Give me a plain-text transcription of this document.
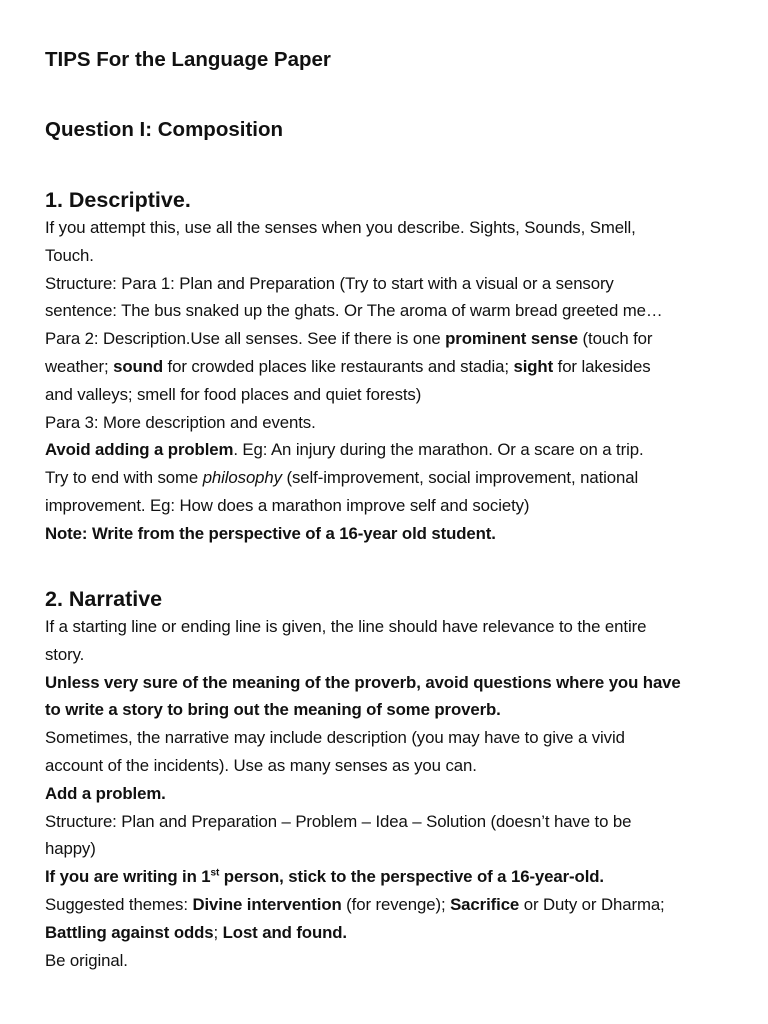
TIPS For the Language Paper
Question I: Composition
1. Descriptive.

If you attempt this, use all the senses when you describe. Sights, Sounds, Smell,
Touch.
Structure: Para 1: Plan and Preparation (Try to start with a visual or a sensory
sentence: The bus snaked up the ghats. Or The aroma of warm bread greeted me…
Para 2: Description.Use all senses. See if there is one prominent sense (touch for
weather; sound for crowded places like restaurants and stadia; sight for lakesides
and valleys; smell for food places and quiet forests)
Para 3: More description and events.
Avoid adding a problem. Eg: An injury during the marathon. Or a scare on a trip.
Try to end with some philosophy (self-improvement, social improvement, national
improvement. Eg: How does a marathon improve self and society)
Note: Write from the perspective of a 16-year old student.

2. Narrative

If a starting line or ending line is given, the line should have relevance to the entire
story.
Unless very sure of the meaning of the proverb, avoid questions where you have
to write a story to bring out the meaning of some proverb.
Sometimes, the narrative may include description (you may have to give a vivid
account of the incidents). Use as many senses as you can.
Add a problem.
Structure: Plan and Preparation – Problem – Idea – Solution (doesn’t have to be
happy)
If you are writing in 1st person, stick to the perspective of a 16-year-old.
Suggested themes: Divine intervention (for revenge); Sacrifice or Duty or Dharma;
Battling against odds; Lost and found.
Be original.
